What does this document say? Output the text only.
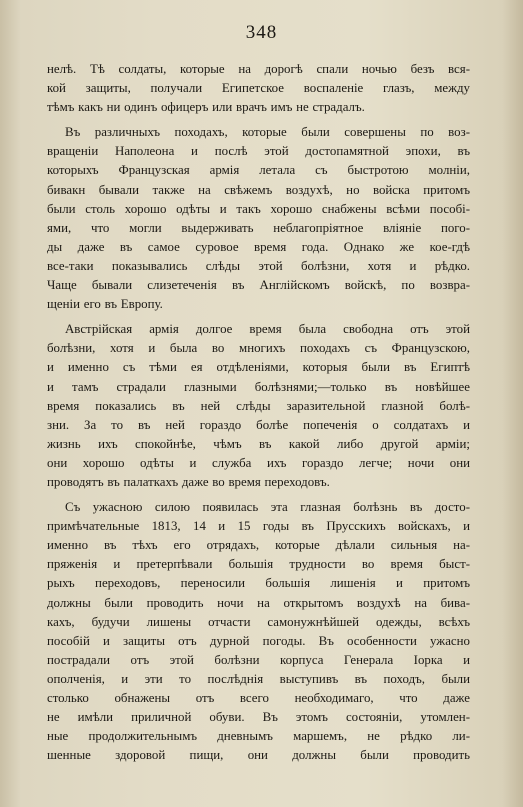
348

нелѣ. Тѣ солдаты, которые на дорогѣ спали ночью безъ вся-
кой защиты, получали Египетское воспаленіе глазъ, между
тѣмъ какъ ни одинъ офицеръ или врачъ имъ не страдалъ.

Въ различныхъ походахъ, которые были совершены по воз-
вращеніи Наполеона и послѣ этой достопамятной эпохи, въ
которыхъ Французская армія летала съ быстротою молніи,
бивакн бывали также на свѣжемъ воздухѣ, но войска притомъ
были столь хорошо одѣты и такъ хорошо снабжены всѣми пособі-
ями, что могли выдерживать неблагопріятное вліяніе пого-
ды даже въ самое суровое время года. Однако же кое-гдѣ
все-таки показывались слѣды этой болѣзни, хотя и рѣдко.
Чаще бывали слизетеченія въ Англійскомъ войскѣ, по возвра-
щеніи его въ Европу.

Австрійская армія долгое время была свободна отъ этой
болѣзни, хотя и была во многихъ походахъ съ Французскою,
и именно съ тѣми ея отдѣленіями, которыя были въ Египтѣ
и тамъ страдали глазными болѣзнями;—только въ новѣйшее
время показались въ ней слѣды заразительной глазной болѣ-
зни. За то въ ней гораздо болѣе попеченія о солдатахъ и
жизнь ихъ спокойнѣе, чѣмъ въ какой либо другой арміи;
они хорошо одѣты и служба ихъ гораздо легче; ночи они
проводятъ въ палаткахъ даже во время переходовъ.

Съ ужасною силою появилась эта глазная болѣзнь въ досто-
примѣчательные 1813, 14 и 15 годы въ Прусскихъ войскахъ, и
именно въ тѣхъ его отрядахъ, которые дѣлали сильныя на-
пряженія и претерпѣвали большія трудности во время быст-
рыхъ переходовъ, переносили большія лишенія и притомъ
должны были проводить ночи на открытомъ воздухѣ на бива-
кахъ, будучи лишены отчасти самонужнѣйшей одежды, всѣхъ
пособій и защиты отъ дурной погоды. Въ особенности ужасно
пострадали отъ этой болѣзни корпуса Генерала Іорка и
ополченія, и эти то послѣднія выступивъ въ походъ, были
столько обнажены отъ всего необходимаго, что даже
не имѣли приличной обуви. Въ этомъ состояніи, утомлен-
ные продолжительнымъ дневнымъ маршемъ, не рѣдко ли-
шенные здоровой пищи, они должны были проводить
